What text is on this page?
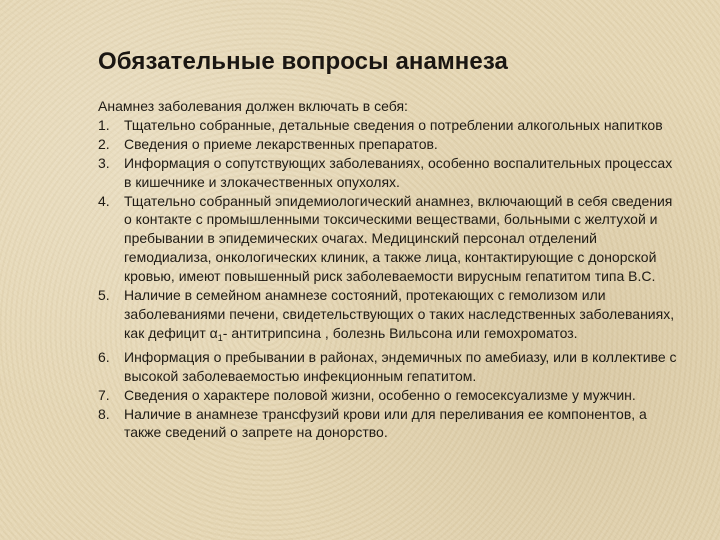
Обязательные вопросы анамнеза

Анамнез заболевания должен включать в себя:

1. Тщательно собранные, детальные сведения о потреблении алкогольных напитков
2. Сведения о приеме лекарственных препаратов.
3. Информация о сопутствующих заболеваниях, особенно воспалительных процессах в кишечнике и злокачественных опухолях.
4. Тщательно собранный эпидемиологический анамнез, включающий в себя сведения о контакте с промышленными токсическими веществами, больными с желтухой и пребывании в эпидемических очагах. Медицинский персонал отделений гемодиализа, онкологических клиник, а также лица, контактирующие с донорской кровью, имеют повышенный риск заболеваемости вирусным гепатитом типа В.С.
5. Наличие в семейном анамнезе состояний, протекающих с гемолизом или заболеваниями печени, свидетельствующих о таких наследственных заболеваниях, как дефицит $\alpha_1-$ антитрипсина , болезнь Вильсона или гемохроматоз.
6. Информация о пребывании в районах, эндемичных по амебиазу, или в коллективе с высокой заболеваемостью инфекционным гепатитом.
7. Сведения о характере половой жизни, особенно о гемосексуализме у мужчин.
8. Наличие в анамнезе трансфузий крови или для переливания ее компонентов, а также сведений о запрете на донорство.
